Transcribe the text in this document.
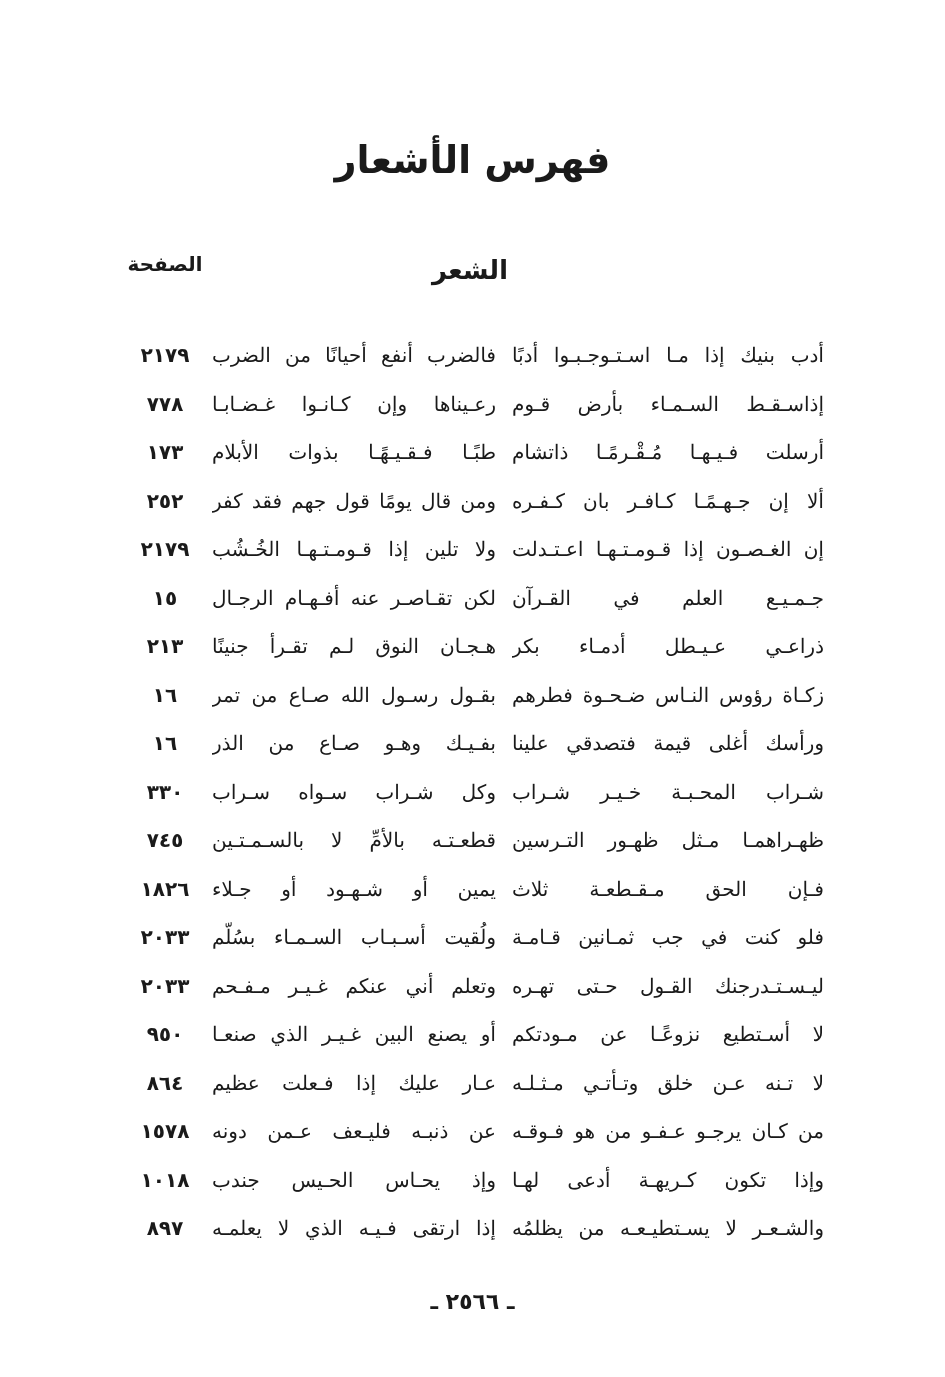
فهرس الأشعار
الشعر
الصفحة
أدب بنيك إذا مـا اسـتـوجـبـوا أدبًا
فالضرب أنفع أحيانًا من الضرب
٢١٧٩
إذاسـقـط السـمـاء بأرض قـوم
رعـيناها وإن كـانـوا غـضـابـا
٧٧٨
أرسلت فـيـهـا مُـقْـرمًـا ذاتشام
طبًـا فـقـيـهًـا بذوات الأبلام
١٧٣
ألا إن جـهـمًـا كـافـر بان كـفـره
ومن قال يومًا قول جهم فقد كفر
٢٥٢
إن الغـصـون إذا قـومـتـهـا اعـتـدلت
ولا تلين إذا قـومـتـهـا الخُـشُب
٢١٧٩
جـمـيـع العلم في القـرآن
لكن تقـاصـر عنه أفـهـام الرجـال
١٥
ذراعـي عـيـطل أدمـاء بكر
هـجـان النوق لـم تقـرأ جنينًا
٢١٣
زكـاة رؤوس النـاس ضـحـوة فطرهم
بقـول رسـول الله صـاع من تمر
١٦
ورأسك أغلى قيمة فتصدقي علينا
بفـيـك وهـو صـاع من الذر
١٦
شـراب المحـبـة خـيـر شـراب
وكل شـراب سـواه سـراب
٣٣٠
ظهـراهمـا مـثل ظهـور التـرسين
قطعـتـه بالأمِّ لا بالسـمـتـين
٧٤٥
فـإن الحق مـقـطعـة ثلاث
يمين أو شـهـود أو جـلاء
١٨٢٦
فلو كنت في جب ثمـانين قـامـة
ولُقيت أسـبـاب السـمـاء بسُلّم
٢٠٣٣
ليـسـتـدرجنك القـول حـتى تهـره
وتعلم أني عنكم غـيـر مـفـحم
٢٠٣٣
لا أسـتطيع نزوعًـا عن مـودتكم
أو يصنع البين غـيـر الذي صنعـا
٩٥٠
لا تـنه عـن خلق وتـأتـي مـثـلـه
عـار عليك إذا فـعلت عظيم
٨٦٤
من كـان يرجـو عـفـو من هو فـوقـه
عن ذنبـه فليـعف عـمن دونه
١٥٧٨
وإذا تكون كـريهـة أدعى لهـا
وإذ يحـاس الحـيس جندب
١٠١٨
والشـعـر لا يسـتطيـعـه من يظلمُه
إذا ارتقى فـيـه الذي لا يعلمـه
٨٩٧
ـ ٢٥٦٦ ـ
